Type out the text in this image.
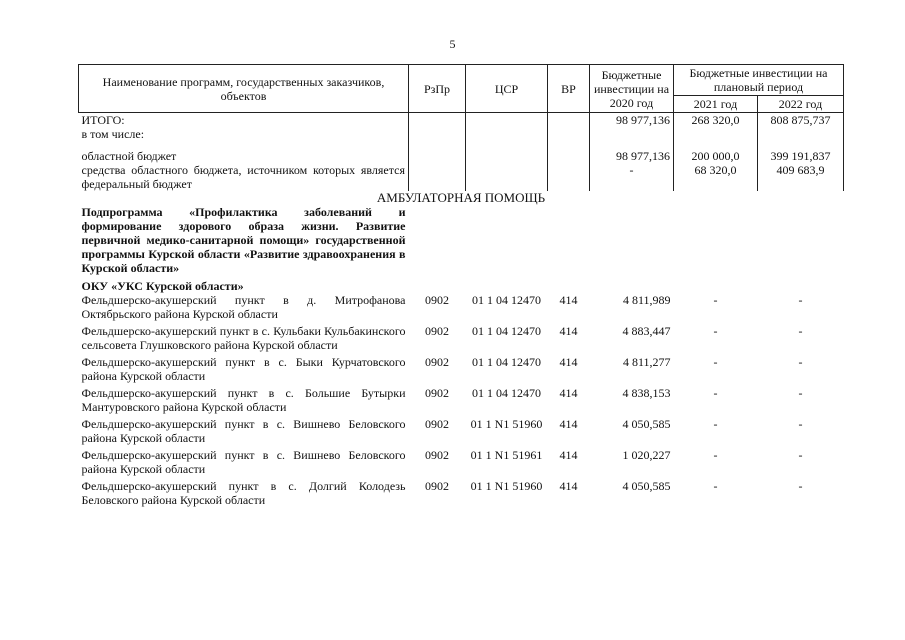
5
Наименование программ, государственных заказчиков, объектов	РзПр	ЦСР	ВР	Бюджетные инвестиции на 2020 год	Бюджетные инвестиции на плановый период	
					2021 год	2022 год
ИТОГО:				98 977,136	268 320,0	808 875,737
в том числе:						

областной бюджет				98 977,136	200 000,0	399 191,837
средства областного бюджета, источником которых является федеральный бюджет				-	68 320,0	409 683,9
АМБУЛАТОРНАЯ ПОМОЩЬ						
Подпрограмма «Профилактика заболеваний и формирование здорового образа жизни. Развитие первичной медико-санитарной помощи» государственной программы Курской области «Развитие здравоохранения в Курской области»						
ОКУ «УКС Курской области»						
Фельдшерско-акушерский пункт в д. Митрофанова Октябрьского района Курской области	0902	01 1 04 12470	414	4 811,989	-	-
Фельдшерско-акушерский пункт в с. Кульбаки Кульбакинского сельсовета Глушковского района Курской области	0902	01 1 04 12470	414	4 883,447	-	-
Фельдшерско-акушерский пункт в с. Быки Курчатовского района Курской области	0902	01 1 04 12470	414	4 811,277	-	-
Фельдшерско-акушерский пункт в с. Большие Бутырки Мантуровского района Курской области	0902	01 1 04 12470	414	4 838,153	-	-
Фельдшерско-акушерский пункт в с. Вишнево Беловского района Курской области	0902	01 1 N1 51960	414	4 050,585	-	-
Фельдшерско-акушерский пункт в с. Вишнево Беловского района Курской области	0902	01 1 N1 51961	414	1 020,227	-	-
Фельдшерско-акушерский пункт в с. Долгий Колодезь Беловского района Курской области	0902	01 1 N1 51960	414	4 050,585	-	-
